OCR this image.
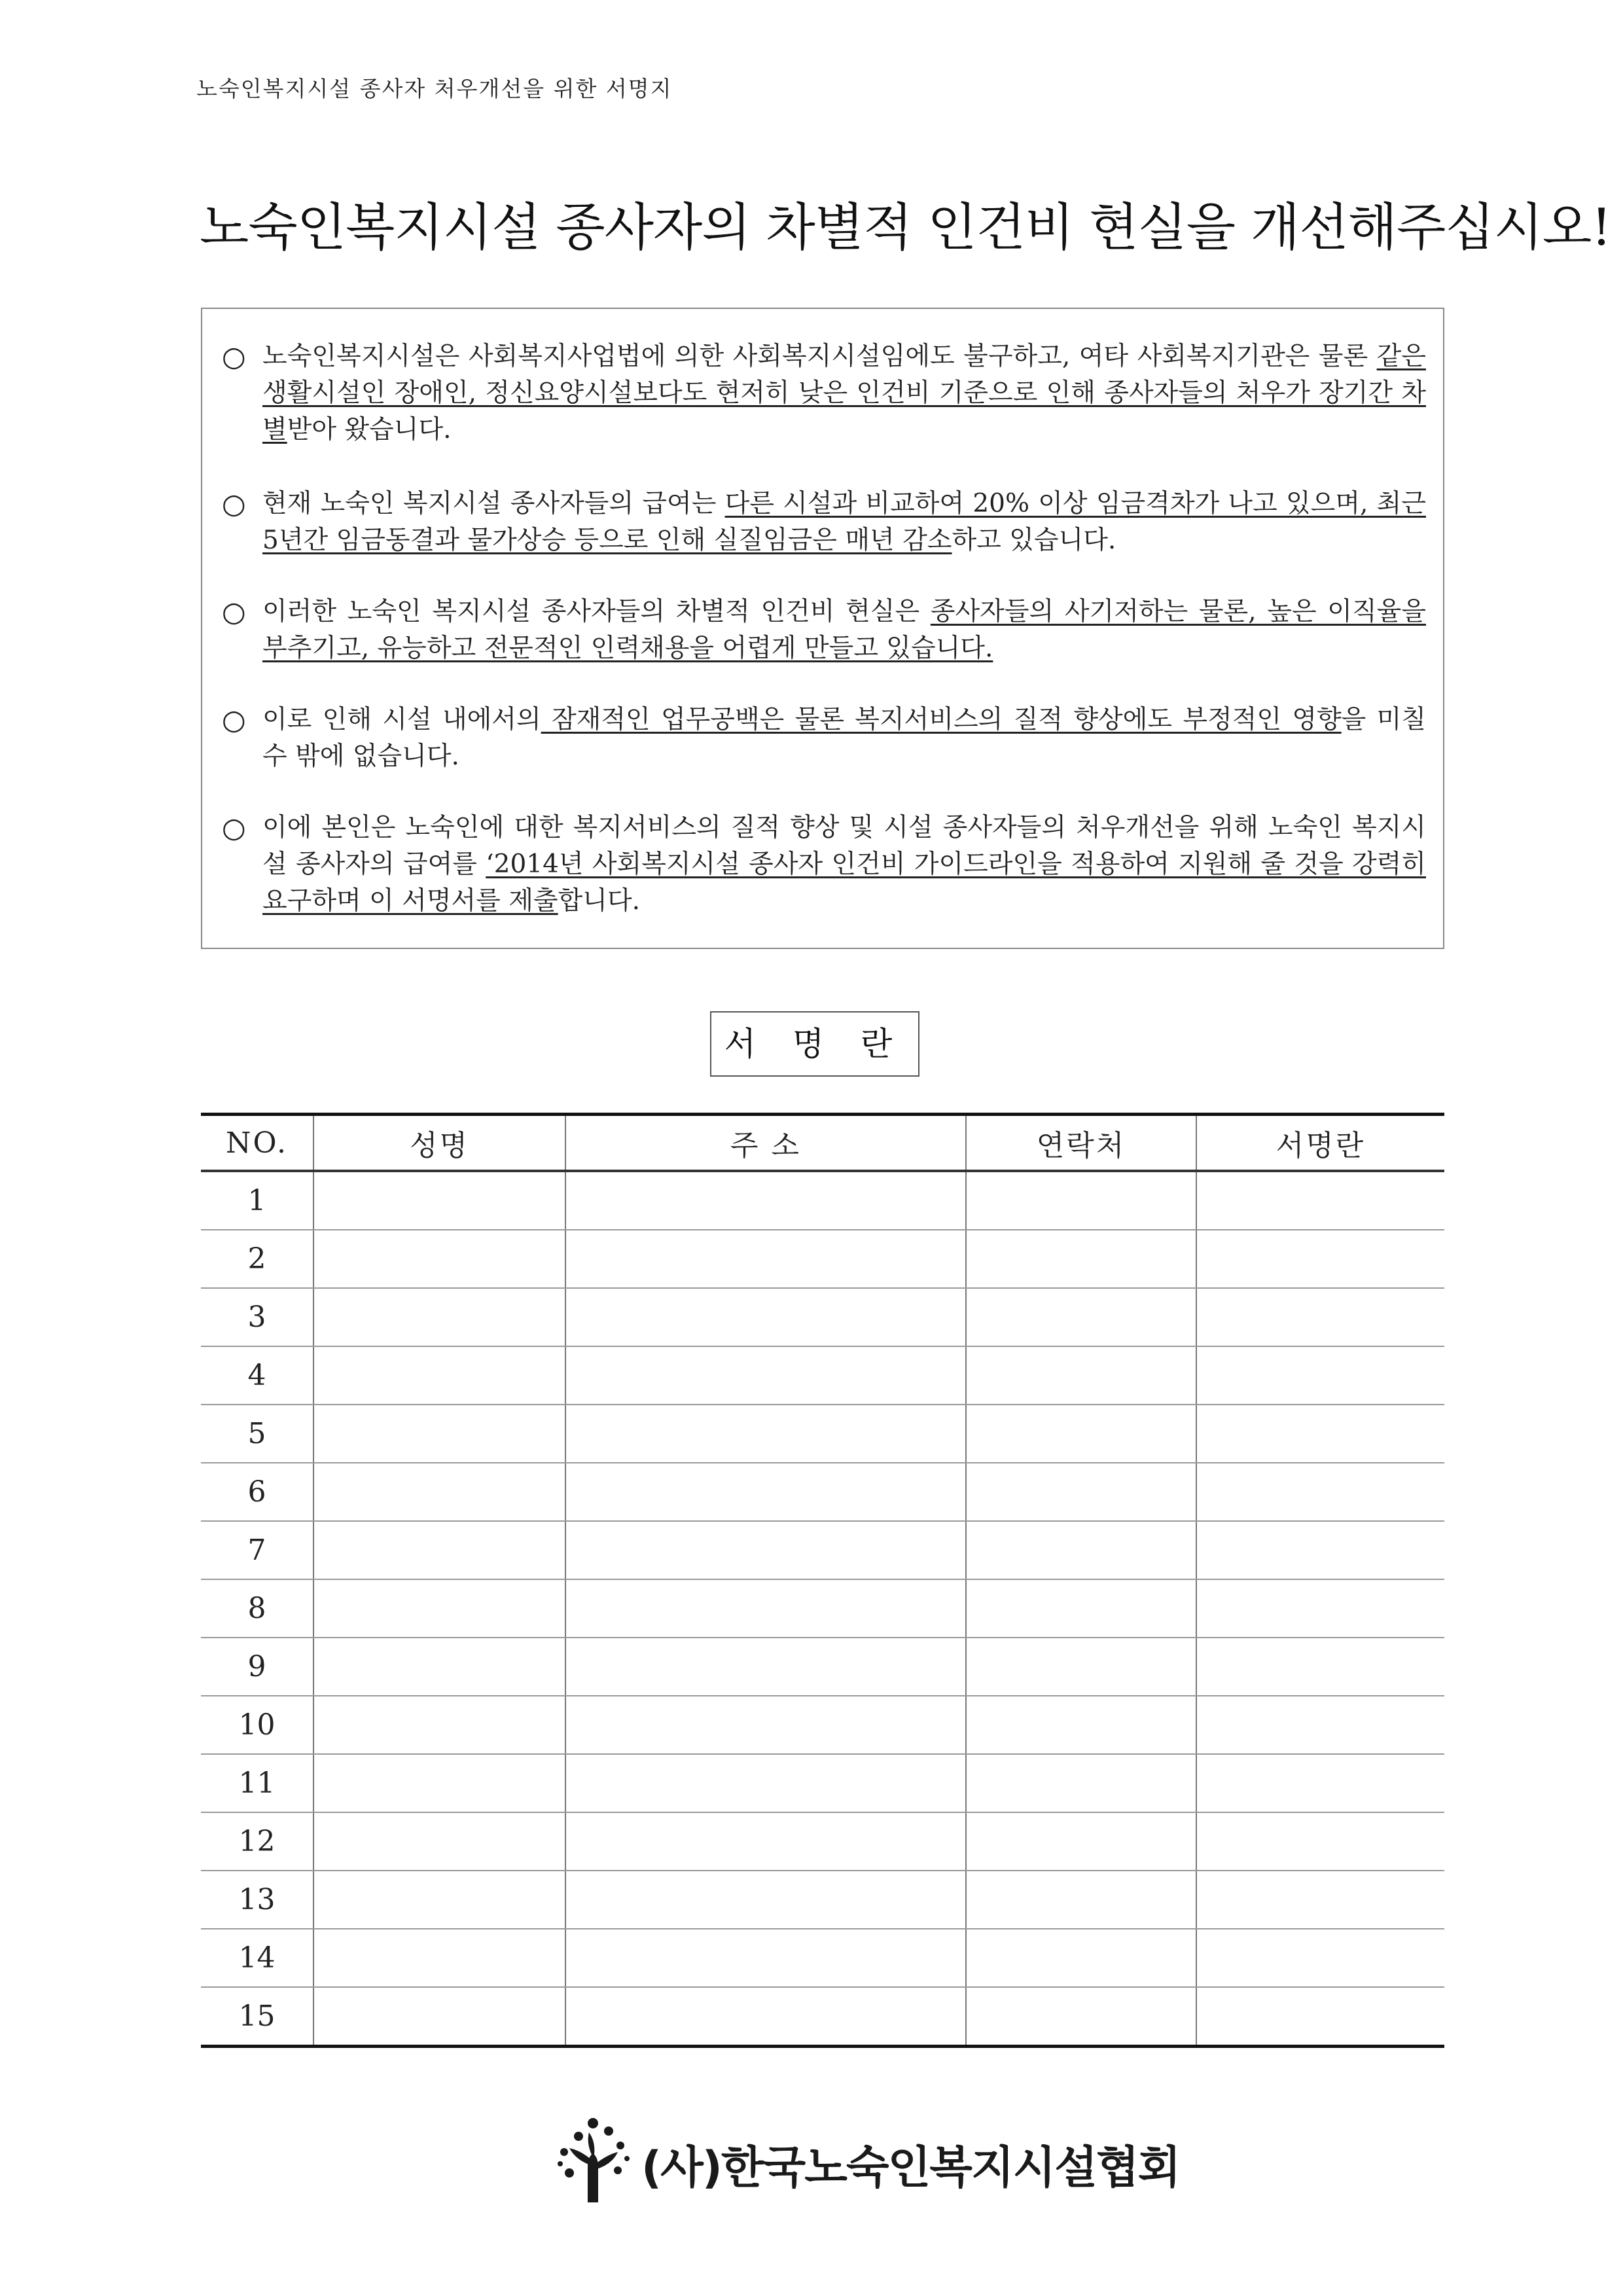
노숙인복지시설 종사자 처우개선을 위한 서명지
노숙인복지시설 종사자의 차별적 인건비 현실을 개선해주십시오!
○ 노숙인복지시설은 사회복지사업법에 의한 사회복지시설임에도 불구하고, 여타 사회복지기관은 물론 같은 생활시설인 장애인, 정신요양시설보다도 현저히 낮은 인건비 기준으로 인해 종사자들의 처우가 장기간 차별받아 왔습니다.
○ 현재 노숙인 복지시설 종사자들의 급여는 다른 시설과 비교하여 20% 이상 임금격차가 나고 있으며, 최근 5년간 임금동결과 물가상승 등으로 인해 실질임금은 매년 감소하고 있습니다.
○ 이러한 노숙인 복지시설 종사자들의 차별적 인건비 현실은 종사자들의 사기저하는 물론, 높은 이직율을 부추기고, 유능하고 전문적인 인력채용을 어렵게 만들고 있습니다.
○ 이로 인해 시설 내에서의 잠재적인 업무공백은 물론 복지서비스의 질적 향상에도 부정적인 영향을 미칠 수 밖에 없습니다.
○ 이에 본인은 노숙인에 대한 복지서비스의 질적 향상 및 시설 종사자들의 처우개선을 위해 노숙인 복지시설 종사자의 급여를 ‘2014년 사회복지시설 종사자 인건비 가이드라인을 적용하여 지원해 줄 것을 강력히 요구하며 이 서명서를 제출합니다.
서 명 란
NO.	성명	주 소	연락처	서명란
1				
2				
3				
4				
5				
6				
7				
8				
9				
10				
11				
12				
13				
14				
15				
(사)한국노숙인복지시설협회
